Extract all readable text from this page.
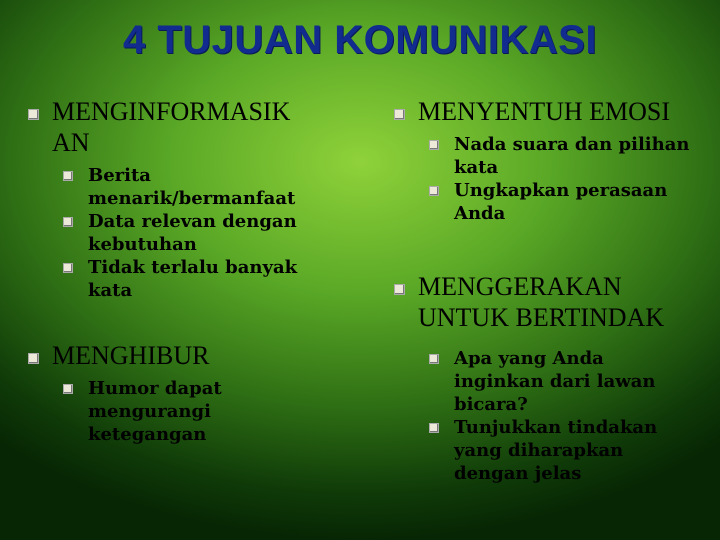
4 TUJUAN KOMUNIKASI
MENGINFORMASIK AN
Berita menarik/bermanfaat
Data relevan dengan kebutuhan
Tidak terlalu banyak kata
MENGHIBUR
Humor dapat mengurangi ketegangan
MENYENTUH EMOSI
Nada suara dan pilihan kata
Ungkapkan perasaan Anda
MENGGERAKAN UNTUK BERTINDAK
Apa yang Anda inginkan dari lawan bicara?
Tunjukkan tindakan yang diharapkan dengan jelas
